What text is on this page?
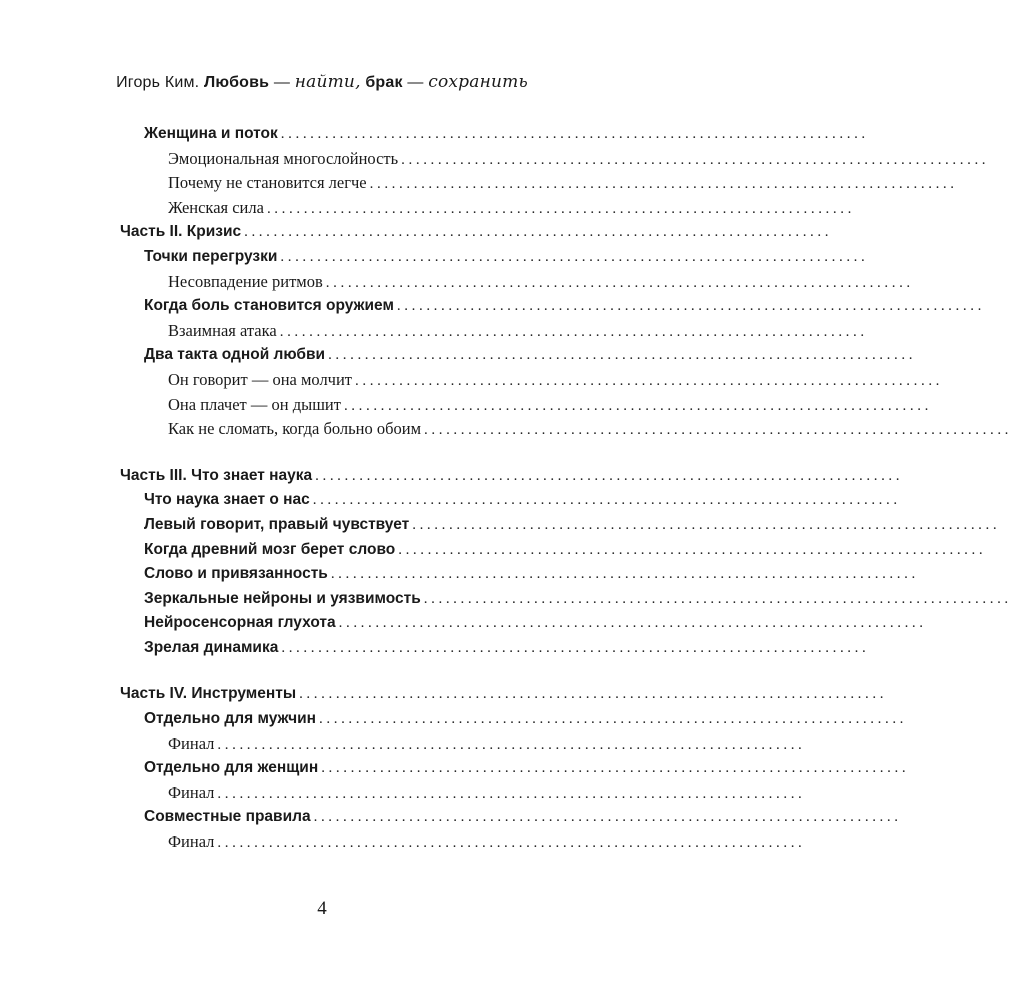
Игорь Ким. Любовь — найти, брак — сохранить
Женщина и поток ................................................................................
Эмоциональная многослойность ................................................................................
Почему не становится легче ................................................................................
Женская сила ................................................................................
Часть II. Кризис ................................................................................
Точки перегрузки ................................................................................
Несовпадение ритмов ................................................................................
Когда боль становится оружием ................................................................................
Взаимная атака ................................................................................
Два такта одной любви ................................................................................
Он говорит — она молчит ................................................................................
Она плачет — он дышит ................................................................................
Как не сломать, когда больно обоим ................................................................................
Часть III. Что знает наука ................................................................................
Что наука знает о нас ................................................................................
Левый говорит, правый чувствует ................................................................................
Когда древний мозг берет слово ................................................................................
Слово и привязанность ................................................................................
Зеркальные нейроны и уязвимость ................................................................................
Нейросенсорная глухота ................................................................................
Зрелая динамика ................................................................................
Часть IV. Инструменты ................................................................................
Отдельно для мужчин ................................................................................
Финал ................................................................................
Отдельно для женщин ................................................................................
Финал ................................................................................
Совместные правила ................................................................................
Финал ................................................................................
4
